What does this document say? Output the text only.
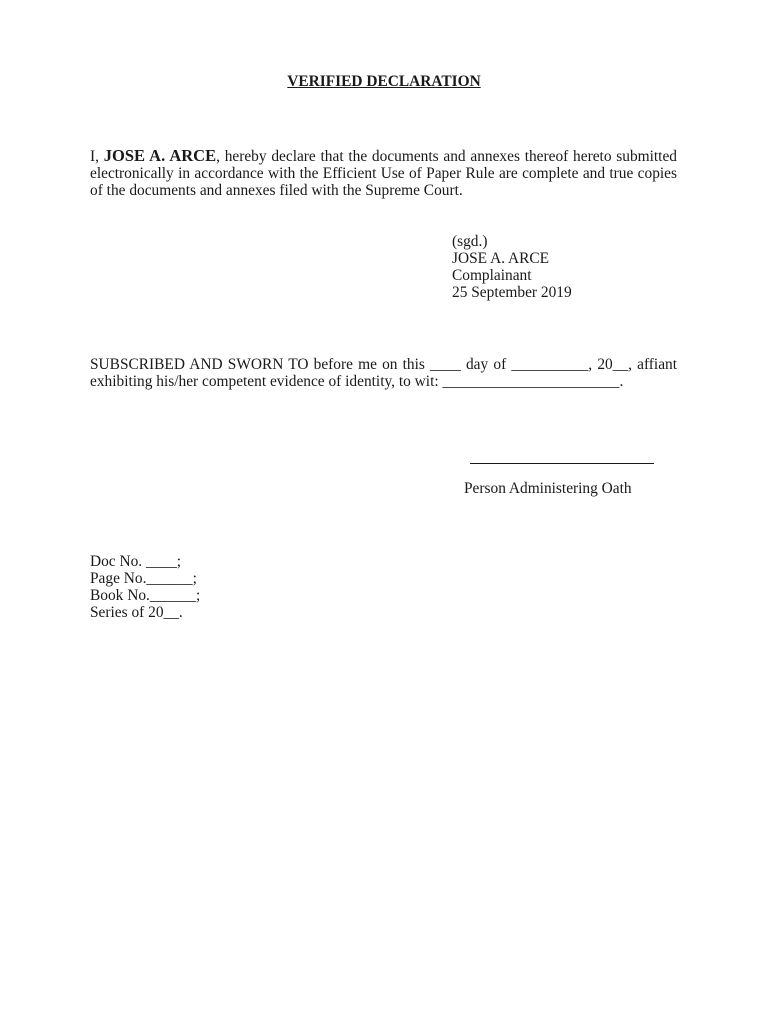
VERIFIED DECLARATION
I, JOSE A. ARCE, hereby declare that the documents and annexes thereof hereto submitted electronically in accordance with the Efficient Use of Paper Rule are complete and true copies of the documents and annexes filed with the Supreme Court.
(sgd.)
JOSE A. ARCE
Complainant
25 September 2019
SUBSCRIBED AND SWORN TO before me on this ____ day of __________, 20__, affiant exhibiting his/her competent evidence of identity, to wit: _______________________.
Person Administering Oath
Doc No. ____;
Page No.______;
Book No.______;
Series of 20__.
